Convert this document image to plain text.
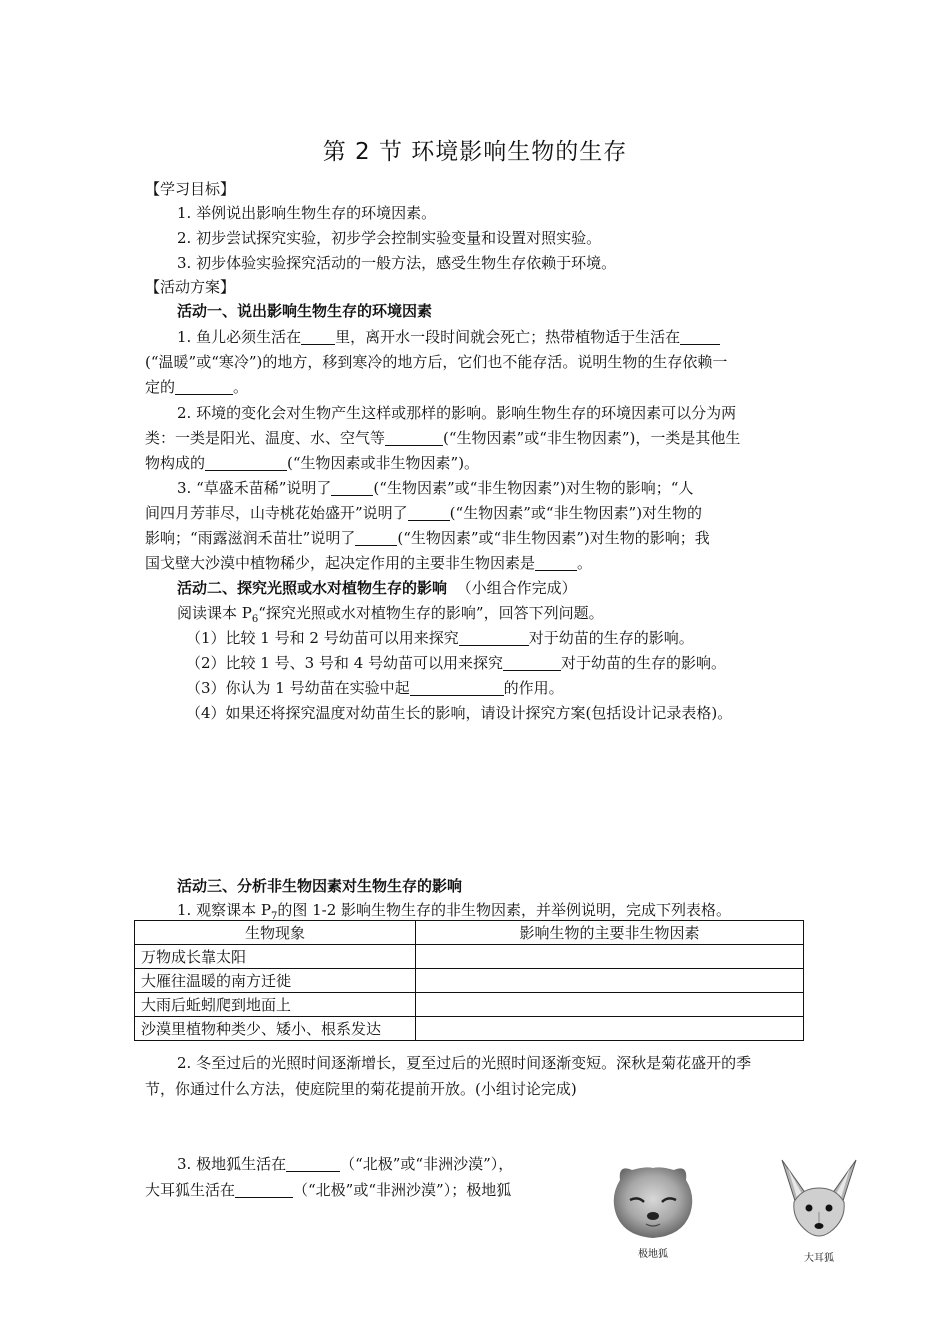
第 2 节 环境影响生物的生存
【学习目标】
1. 举例说出影响生物生存的环境因素。
2. 初步尝试探究实验，初步学会控制实验变量和设置对照实验。
3. 初步体验实验探究活动的一般方法，感受生物生存依赖于环境。
【活动方案】
活动一、说出影响生物生存的环境因素
1. 鱼儿必须生活在 里，离开水一段时间就会死亡；热带植物适于生活在
(“温暖”或“寒冷”)的地方，移到寒冷的地方后，它们也不能存活。说明生物的生存依赖一
定的	。
2. 环境的变化会对生物产生这样或那样的影响。影响生物生存的环境因素可以分为两
类：一类是阳光、温度、水、空气等	(“生物因素”或“非生物因素”)，一类是其他生
物构成的	(“生物因素或非生物因素”)。
3. “草盛禾苗稀”说明了	(“生物因素”或“非生物因素”)对生物的影响；“人
间四月芳菲尽，山寺桃花始盛开”说明了	(“生物因素”或“非生物因素”)对生物的
影响；“雨露滋润禾苗壮”说明了	(“生物因素”或“非生物因素”)对生物的影响；我
国戈壁大沙漠中植物稀少，起决定作用的主要非生物因素是	。
活动二、探究光照或水对植物生存的影响 （小组合作完成）
阅读课本 $P_6“$探究光照或水对植物生存的影响”，回答下列问题。
（1）比较 1 号和 2 号幼苗可以用来探究	对于幼苗的生存的影响。
（2）比较 1 号、3 号和 4 号幼苗可以用来探究	对于幼苗的生存的影响。
（3）你认为 1 号幼苗在实验中起	的作用。
（4）如果还将探究温度对幼苗生长的影响，请设计探究方案(包括设计记录表格)。
活动三、分析非生物因素对生物生存的影响
1. 观察课本 $P_7$的图 1-2 影响生物生存的非生物因素，并举例说明，完成下列表格。
生物现象	影响生物的主要非生物因素
万物成长靠太阳	
大雁往温暖的南方迁徙	
大雨后蚯蚓爬到地面上	
沙漠里植物种类少、矮小、根系发达	
2. 冬至过后的光照时间逐渐增长，夏至过后的光照时间逐渐变短。深秋是菊花盛开的季
节，你通过什么方法，使庭院里的菊花提前开放。(小组讨论完成)
3. 极地狐生活在	（“北极”或“非洲沙漠”），
大耳狐生活在	（“北极”或“非洲沙漠”）；极地狐
极地狐	大耳狐
